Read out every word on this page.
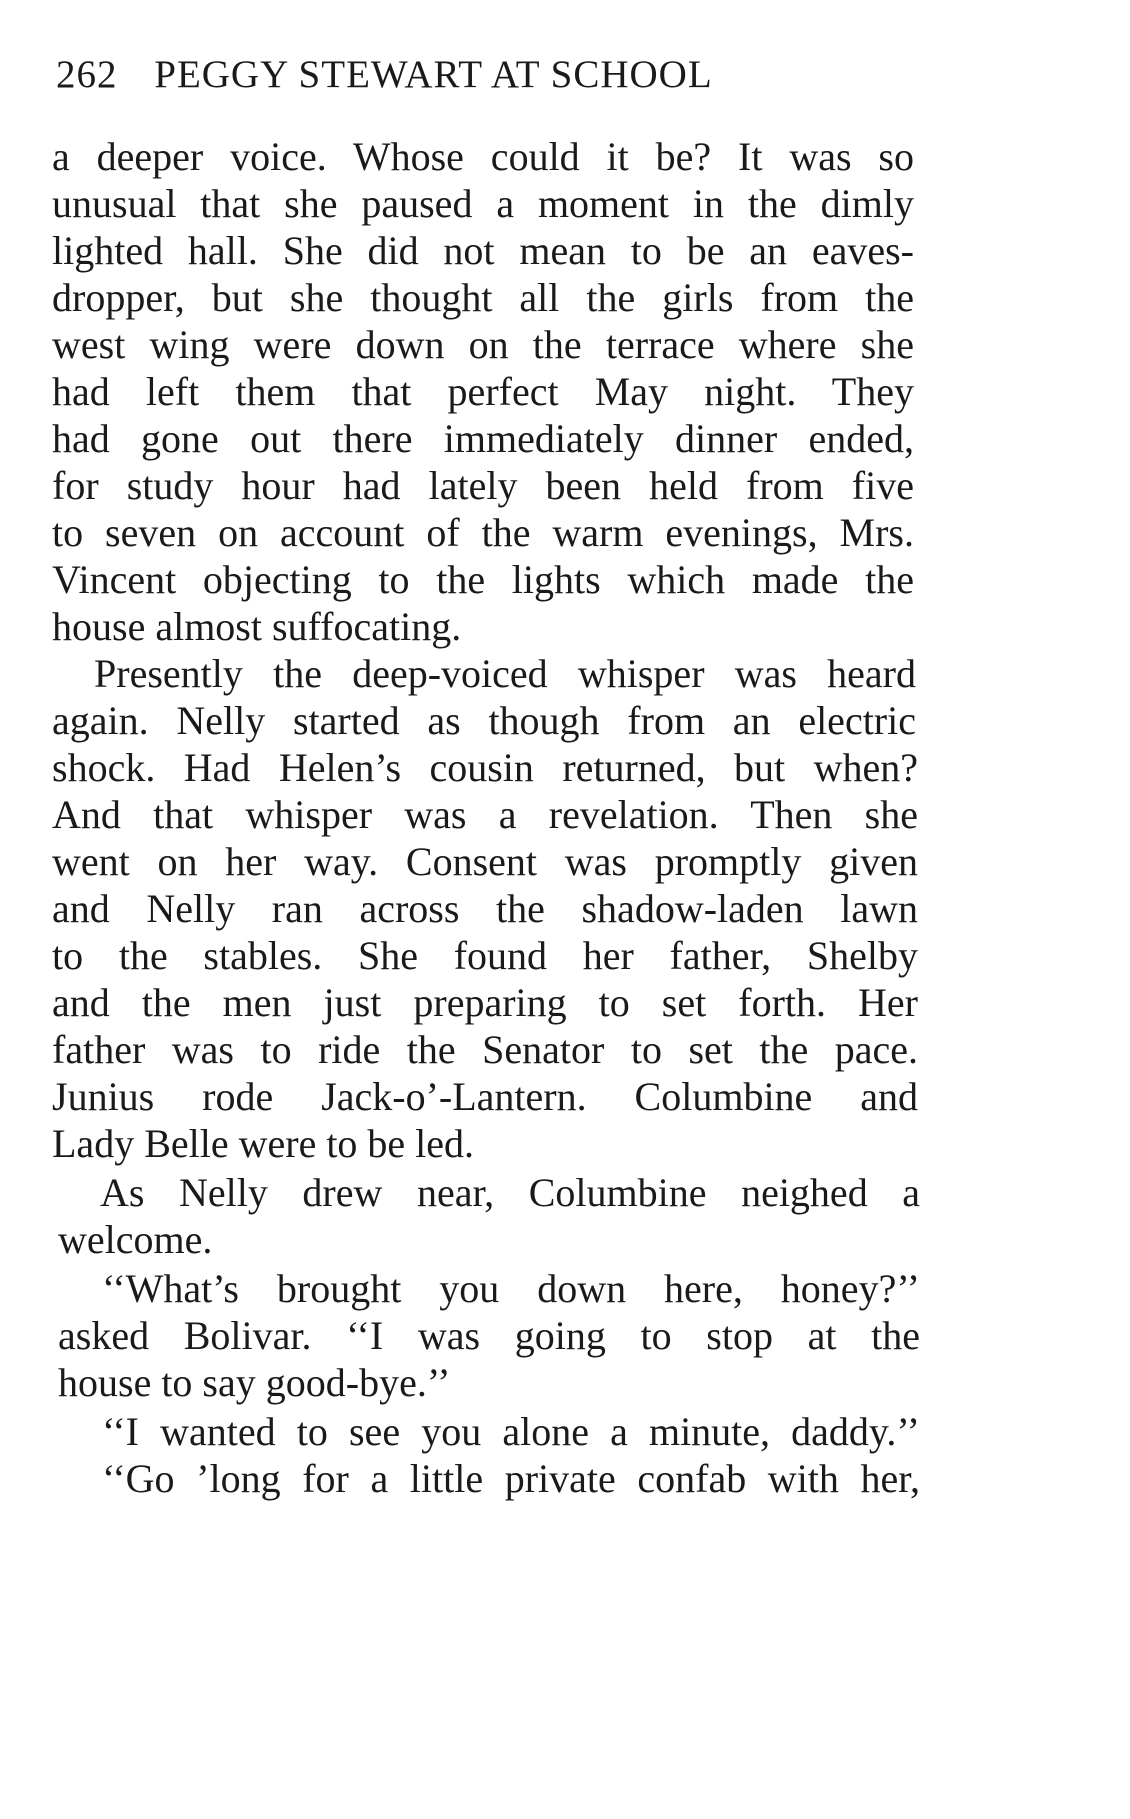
262 PEGGY STEWART AT SCHOOL
a deeper voice. Whose could it be? It was so
unusual that she paused a moment in the dimly
lighted hall. She did not mean to be an eaves-
dropper, but she thought all the girls from the
west wing were down on the terrace where she
had left them that perfect May night. They
had gone out there immediately dinner ended,
for study hour had lately been held from five
to seven on account of the warm evenings, Mrs.
Vincent objecting to the lights which made the
house almost suffocating.
Presently the deep-voiced whisper was heard
again. Nelly started as though from an electric
shock. Had Helen’s cousin returned, but when?
And that whisper was a revelation. Then she
went on her way. Consent was promptly given
and Nelly ran across the shadow-laden lawn
to the stables. She found her father, Shelby
and the men just preparing to set forth. Her
father was to ride the Senator to set the pace.
Junius rode Jack-o’-Lantern. Columbine and
Lady Belle were to be led.
As Nelly drew near, Columbine neighed a
welcome.
‘‘What’s brought you down here, honey?’’
asked Bolivar. ‘‘I was going to stop at the
house to say good-bye.’’
‘‘I wanted to see you alone a minute, daddy.’’
‘‘Go ’long for a little private confab with her,
